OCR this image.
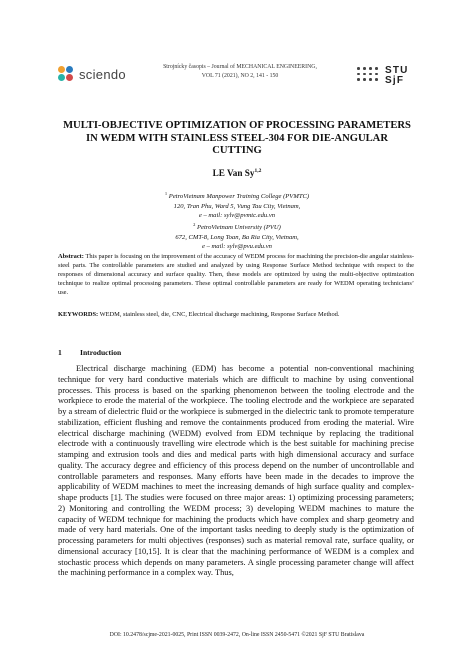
sciendo	Strojnícky časopis – Journal of MECHANICAL ENGINEERING,
VOL 71 (2021), NO 2, 141 - 150	STU
SjF
MULTI-OBJECTIVE OPTIMIZATION OF PROCESSING PARAMETERS IN WEDM WITH STAINLESS STEEL-304 FOR DIE-ANGULAR CUTTING
LE Van Sy$^{1,2}$
$^1$ PetroVietnam Manpower Training College (PVMTC)
120, Tran Phu, Ward 5, Vung Tau City, Vietnam,
e – mail: sylv@pvmtc.edu.vn
$^2$ PetroVietnam University (PVU)
672, CMT-8, Long Toan, Ba Ria City, Vietnam,
e – mail: sylv@pvu.edu.vn
Abstract: This paper is focusing on the improvement of the accuracy of WEDM process for machining the precision-die angular stainless-steel parts. The controllable parameters are studied and analyzed by using Response Surface Method technique with respect to the responses of dimensional accuracy and surface quality. Then, these models are optimized by using the multi-objective optimization technique to realize optimal processing parameters. These optimal controllable parameters are ready for WEDM operating technicians’ use.
KEYWORDS: WEDM, stainless steel, die, CNC, Electrical discharge machining, Response Surface Method.
1 Introduction
Electrical discharge machining (EDM) has become a potential non-conventional machining technique for very hard conductive materials which are difficult to machine by using conventional processes. This process is based on the sparking phenomenon between the tooling electrode and the workpiece to erode the material of the workpiece. The tooling electrode and the workpiece are separated by a stream of dielectric fluid or the workpiece is submerged in the dielectric tank to promote temperature stabilization, efficient flushing and remove the containments produced from eroding the material. Wire electrical discharge machining (WEDM) evolved from EDM technique by replacing the traditional electrode with a continuously travelling wire electrode which is the best suitable for machining precise stamping and extrusion tools and dies and medical parts with high dimensional accuracy and surface quality. The accuracy degree and efficiency of this process depend on the number of uncontrollable and controllable parameters and responses. Many efforts have been made in the decades to improve the applicability of WEDM machines to meet the increasing demands of high surface quality and complex-shape products [1]. The studies were focused on three major areas: 1) optimizing processing parameters; 2) Monitoring and controlling the WEDM process; 3) developing WEDM machines to mature the capacity of WEDM technique for machining the products which have complex and sharp geometry and made of very hard materials. One of the important tasks needing to deeply study is the optimization of processing parameters for multi objectives (responses) such as material removal rate, surface quality, or dimensional accuracy [10,15]. It is clear that the machining performance of WEDM is a complex and stochastic process which depends on many parameters. A single processing parameter change will affect the machining performance in a complex way. Thus,
DOI: 10.2478/scjme-2021-0025, Print ISSN 0039-2472, On-line ISSN 2450-5471 ©2021 SjF STU Bratislava
